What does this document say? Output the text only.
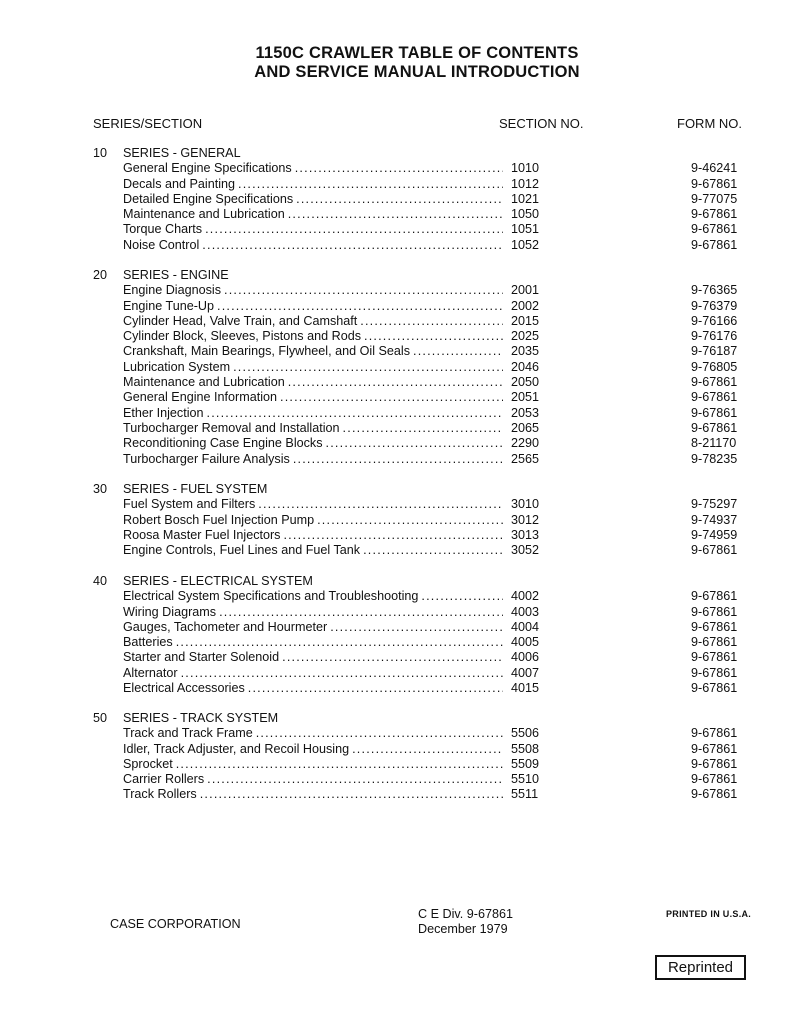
1150C CRAWLER TABLE OF CONTENTS
AND SERVICE MANUAL INTRODUCTION
SERIES/SECTION	SECTION NO.	FORM NO.
10 SERIES - GENERAL
General Engine Specifications .....	1010	9-46241
Decals and Painting .....	1012	9-67861
Detailed Engine Specifications .....	1021	9-77075
Maintenance and Lubrication .....	1050	9-67861
Torque Charts .....	1051	9-67861
Noise Control .....	1052	9-67861
20 SERIES - ENGINE
Engine Diagnosis .....	2001	9-76365
Engine Tune-Up .....	2002	9-76379
Cylinder Head, Valve Train, and Camshaft .....	2015	9-76166
Cylinder Block, Sleeves, Pistons and Rods .....	2025	9-76176
Crankshaft, Main Bearings, Flywheel, and Oil Seals .....	2035	9-76187
Lubrication System .....	2046	9-76805
Maintenance and Lubrication .....	2050	9-67861
General Engine Information .....	2051	9-67861
Ether Injection .....	2053	9-67861
Turbocharger Removal and Installation .....	2065	9-67861
Reconditioning Case Engine Blocks .....	2290	8-21170
Turbocharger Failure Analysis .....	2565	9-78235
30 SERIES - FUEL SYSTEM
Fuel System and Filters .....	3010	9-75297
Robert Bosch Fuel Injection Pump .....	3012	9-74937
Roosa Master Fuel Injectors .....	3013	9-74959
Engine Controls, Fuel Lines and Fuel Tank .....	3052	9-67861
40 SERIES - ELECTRICAL SYSTEM
Electrical System Specifications and Troubleshooting .....	4002	9-67861
Wiring Diagrams .....	4003	9-67861
Gauges, Tachometer and Hourmeter .....	4004	9-67861
Batteries .....	4005	9-67861
Starter and Starter Solenoid .....	4006	9-67861
Alternator .....	4007	9-67861
Electrical Accessories .....	4015	9-67861
50 SERIES - TRACK SYSTEM
Track and Track Frame .....	5506	9-67861
Idler, Track Adjuster, and Recoil Housing .....	5508	9-67861
Sprocket .....	5509	9-67861
Carrier Rollers .....	5510	9-67861
Track Rollers .....	5511	9-67861
CASE CORPORATION
C E Div. 9-67861
December 1979
PRINTED IN U.S.A.
Reprinted
